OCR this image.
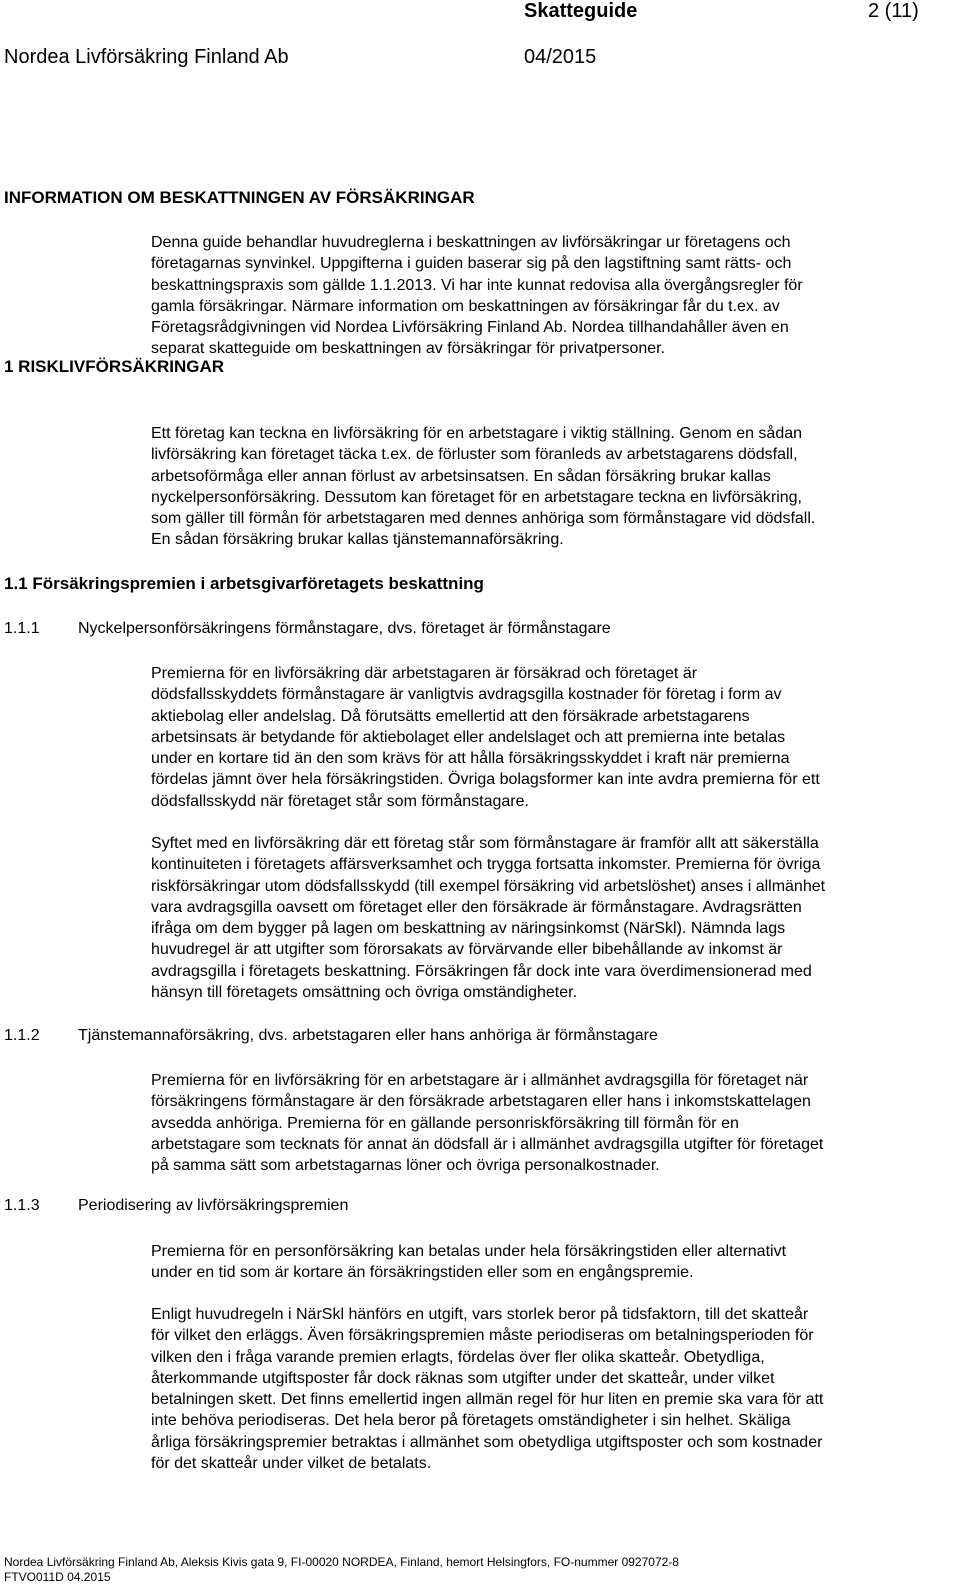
Skatteguide	2 (11)
Nordea Livförsäkring Finland Ab	04/2015
INFORMATION OM BESKATTNINGEN AV FÖRSÄKRINGAR
1 RISKLIVFÖRSÄKRINGAR
Denna guide behandlar huvudreglerna i beskattningen av livförsäkringar ur företagens och
företagarnas synvinkel. Uppgifterna i guiden baserar sig på den lagstiftning samt rätts- och
beskattningspraxis som gällde 1.1.2013. Vi har inte kunnat redovisa alla övergångsregler för
gamla försäkringar. Närmare information om beskattningen av försäkringar får du t.ex. av
Företagsrådgivningen vid Nordea Livförsäkring Finland Ab. Nordea tillhandahåller även en
separat skatteguide om beskattningen av försäkringar för privatpersoner.
Ett företag kan teckna en livförsäkring för en arbetstagare i viktig ställning. Genom en sådan
livförsäkring kan företaget täcka t.ex. de förluster som föranleds av arbetstagarens dödsfall,
arbetsoförmåga eller annan förlust av arbetsinsatsen. En sådan försäkring brukar kallas
nyckelpersonförsäkring. Dessutom kan företaget för en arbetstagare teckna en livförsäkring,
som gäller till förmån för arbetstagaren med dennes anhöriga som förmånstagare vid dödsfall.
En sådan försäkring brukar kallas tjänstemannaförsäkring.
1.1 Försäkringspremien i arbetsgivarföretagets beskattning
1.1.1 Nyckelpersonförsäkringens förmånstagare, dvs. företaget är förmånstagare
Premierna för en livförsäkring där arbetstagaren är försäkrad och företaget är
dödsfallsskyddets förmånstagare är vanligtvis avdragsgilla kostnader för företag i form av
aktiebolag eller andelslag. Då förutsätts emellertid att den försäkrade arbetstagarens
arbetsinsats är betydande för aktiebolaget eller andelslaget och att premierna inte betalas
under en kortare tid än den som krävs för att hålla försäkringsskyddet i kraft när premierna
fördelas jämnt över hela försäkringstiden. Övriga bolagsformer kan inte avdra premierna för ett
dödsfallsskydd när företaget står som förmånstagare.
Syftet med en livförsäkring där ett företag står som förmånstagare är framför allt att säkerställa
kontinuiteten i företagets affärsverksamhet och trygga fortsatta inkomster. Premierna för övriga
riskförsäkringar utom dödsfallsskydd (till exempel försäkring vid arbetslöshet) anses i allmänhet
vara avdragsgilla oavsett om företaget eller den försäkrade är förmånstagare. Avdragsrätten
ifråga om dem bygger på lagen om beskattning av näringsinkomst (NärSkl). Nämnda lags
huvudregel är att utgifter som förorsakats av förvärvande eller bibehållande av inkomst är
avdragsgilla i företagets beskattning. Försäkringen får dock inte vara överdimensionerad med
hänsyn till företagets omsättning och övriga omständigheter.
1.1.2 Tjänstemannaförsäkring, dvs. arbetstagaren eller hans anhöriga är förmånstagare
Premierna för en livförsäkring för en arbetstagare är i allmänhet avdragsgilla för företaget när
försäkringens förmånstagare är den försäkrade arbetstagaren eller hans i inkomstskattelagen
avsedda anhöriga. Premierna för en gällande personriskförsäkring till förmån för en
arbetstagare som tecknats för annat än dödsfall är i allmänhet avdragsgilla utgifter för företaget
på samma sätt som arbetstagarnas löner och övriga personalkostnader.
1.1.3 Periodisering av livförsäkringspremien
Premierna för en personförsäkring kan betalas under hela försäkringstiden eller alternativt
under en tid som är kortare än försäkringstiden eller som en engångspremie.
Enligt huvudregeln i NärSkl hänförs en utgift, vars storlek beror på tidsfaktorn, till det skatteår
för vilket den erläggs. Även försäkringspremien måste periodiseras om betalningsperioden för
vilken den i fråga varande premien erlagts, fördelas över fler olika skatteår. Obetydliga,
återkommande utgiftsposter får dock räknas som utgifter under det skatteår, under vilket
betalningen skett. Det finns emellertid ingen allmän regel för hur liten en premie ska vara för att
inte behöva periodiseras. Det hela beror på företagets omständigheter i sin helhet. Skäliga
årliga försäkringspremier betraktas i allmänhet som obetydliga utgiftsposter och som kostnader
för det skatteår under vilket de betalats.
Nordea Livförsäkring Finland Ab, Aleksis Kivis gata 9, FI-00020 NORDEA, Finland, hemort Helsingfors, FO-nummer 0927072-8
FTVO011D 04.2015
